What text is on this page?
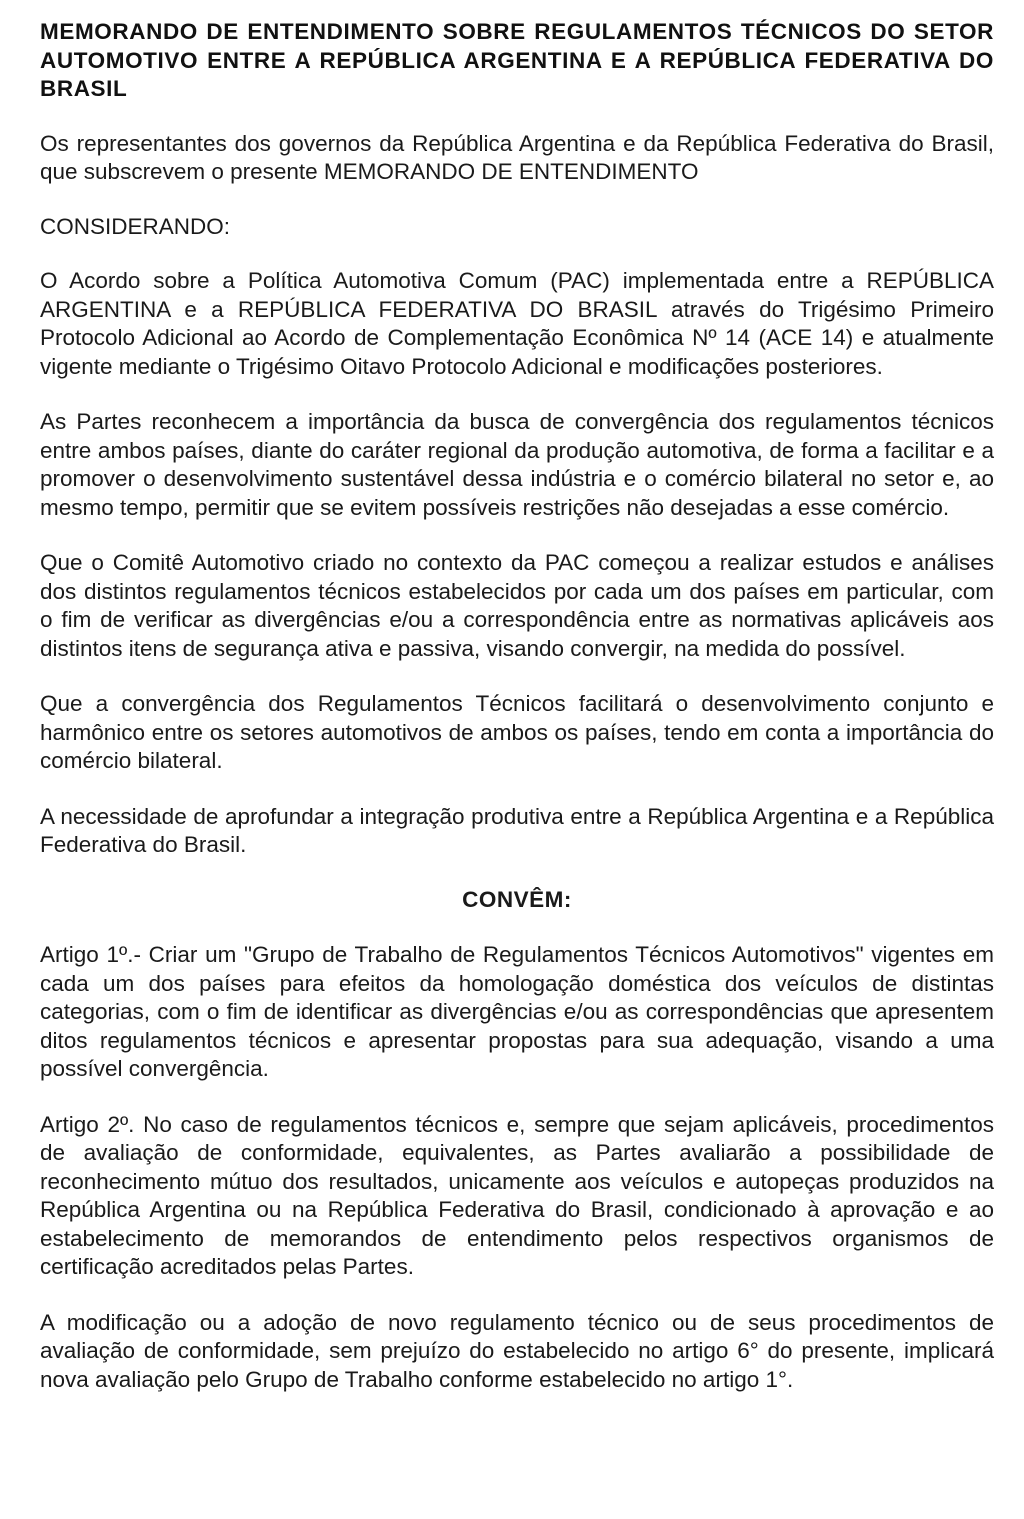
MEMORANDO DE ENTENDIMENTO SOBRE REGULAMENTOS TÉCNICOS DO SETOR AUTOMOTIVO ENTRE A REPÚBLICA ARGENTINA E A REPÚBLICA FEDERATIVA DO BRASIL

Os representantes dos governos da República Argentina e da República Federativa do Brasil, que subscrevem o presente MEMORANDO DE ENTENDIMENTO

CONSIDERANDO:

O Acordo sobre a Política Automotiva Comum (PAC) implementada entre a REPÚBLICA ARGENTINA e a REPÚBLICA FEDERATIVA DO BRASIL através do Trigésimo Primeiro Protocolo Adicional ao Acordo de Complementação Econômica Nº 14 (ACE 14) e atualmente vigente mediante o Trigésimo Oitavo Protocolo Adicional e modificações posteriores.

As Partes reconhecem a importância da busca de convergência dos regulamentos técnicos entre ambos países, diante do caráter regional da produção automotiva, de forma a facilitar e a promover o desenvolvimento sustentável dessa indústria e o comércio bilateral no setor e, ao mesmo tempo, permitir que se evitem possíveis restrições não desejadas a esse comércio.

Que o Comitê Automotivo criado no contexto da PAC começou a realizar estudos e análises dos distintos regulamentos técnicos estabelecidos por cada um dos países em particular, com o fim de verificar as divergências e/ou a correspondência entre as normativas aplicáveis aos distintos itens de segurança ativa e passiva, visando convergir, na medida do possível.

Que a convergência dos Regulamentos Técnicos facilitará o desenvolvimento conjunto e harmônico entre os setores automotivos de ambos os países, tendo em conta a importância do comércio bilateral.

A necessidade de aprofundar a integração produtiva entre a República Argentina e a República Federativa do Brasil.

CONVÊM:

Artigo 1º.- Criar um "Grupo de Trabalho de Regulamentos Técnicos Automotivos" vigentes em cada um dos países para efeitos da homologação doméstica dos veículos de distintas categorias, com o fim de identificar as divergências e/ou as correspondências que apresentem ditos regulamentos técnicos e apresentar propostas para sua adequação, visando a uma possível convergência.

Artigo 2º. No caso de regulamentos técnicos e, sempre que sejam aplicáveis, procedimentos de avaliação de conformidade, equivalentes, as Partes avaliarão a possibilidade de reconhecimento mútuo dos resultados, unicamente aos veículos e autopeças produzidos na República Argentina ou na República Federativa do Brasil, condicionado à aprovação e ao estabelecimento de memorandos de entendimento pelos respectivos organismos de certificação acreditados pelas Partes.

A modificação ou a adoção de novo regulamento técnico ou de seus procedimentos de avaliação de conformidade, sem prejuízo do estabelecido no artigo 6° do presente, implicará nova avaliação pelo Grupo de Trabalho conforme estabelecido no artigo 1°.
